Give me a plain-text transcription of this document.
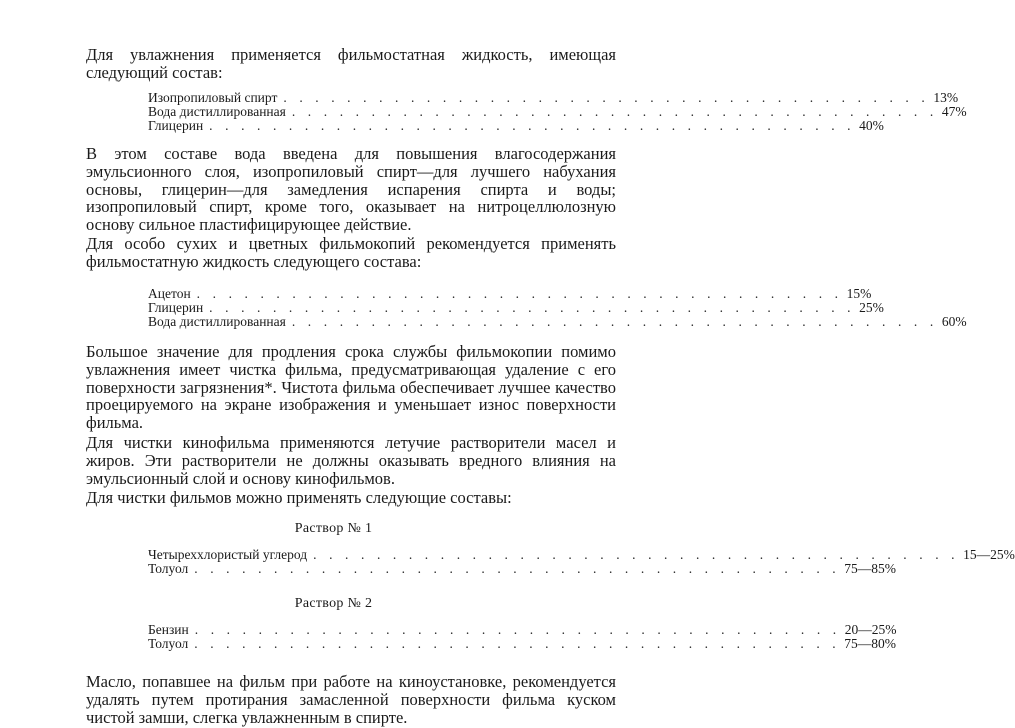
Для увлажнения применяется фильмостатная жидкость, имеющая следующий состав:

Изопропиловый спирт . . . . . . . . . . . . . . . . . . . . . . . . . . . . . . . . . . . . . . . . . 13%
Вода дистиллированная . . . . . . . . . . . . . . . . . . . . . . . . . . . . . . . . . . . . . . . . . 47%
Глицерин . . . . . . . . . . . . . . . . . . . . . . . . . . . . . . . . . . . . . . . . . 40%

В этом составе вода введена для повышения влагосодержания эмульсионного слоя, изопропиловый спирт—для лучшего набухания основы, глицерин—для замедления испарения спирта и воды; изопропиловый спирт, кроме того, оказывает на нитроцеллюлозную основу сильное пластифицирующее действие.

Для особо сухих и цветных фильмокопий рекомендуется применять фильмостатную жидкость следующего состава:

Ацетон . . . . . . . . . . . . . . . . . . . . . . . . . . . . . . . . . . . . . . . . . 15%
Глицерин . . . . . . . . . . . . . . . . . . . . . . . . . . . . . . . . . . . . . . . . . 25%
Вода дистиллированная . . . . . . . . . . . . . . . . . . . . . . . . . . . . . . . . . . . . . . . . . 60%

Большое значение для продления срока службы фильмокопии помимо увлажнения имеет чистка фильма, предусматривающая удаление с его поверхности загрязнения*. Чистота фильма обеспечивает лучшее качество проецируемого на экране изображения и уменьшает износ поверхности фильма.

Для чистки кинофильма применяются летучие растворители масел и жиров. Эти растворители не должны оказывать вредного влияния на эмульсионный слой и основу кинофильмов.

Для чистки фильмов можно применять следующие составы:

Раствор № 1
Четыреххлористый углерод . . . . . . . . . . . . . . . . . . . . . . . . . . . . . . . . . . . . . . . . . 15—25%
Толуол . . . . . . . . . . . . . . . . . . . . . . . . . . . . . . . . . . . . . . . . . 75—85%
Раствор № 2
Бензин . . . . . . . . . . . . . . . . . . . . . . . . . . . . . . . . . . . . . . . . . 20—25%
Толуол . . . . . . . . . . . . . . . . . . . . . . . . . . . . . . . . . . . . . . . . . 75—80%

Масло, попавшее на фильм при работе на киноустановке, рекомендуется удалять путем протирания замасленной поверхности фильма куском чистой замши, слегка увлажненным в спирте.
